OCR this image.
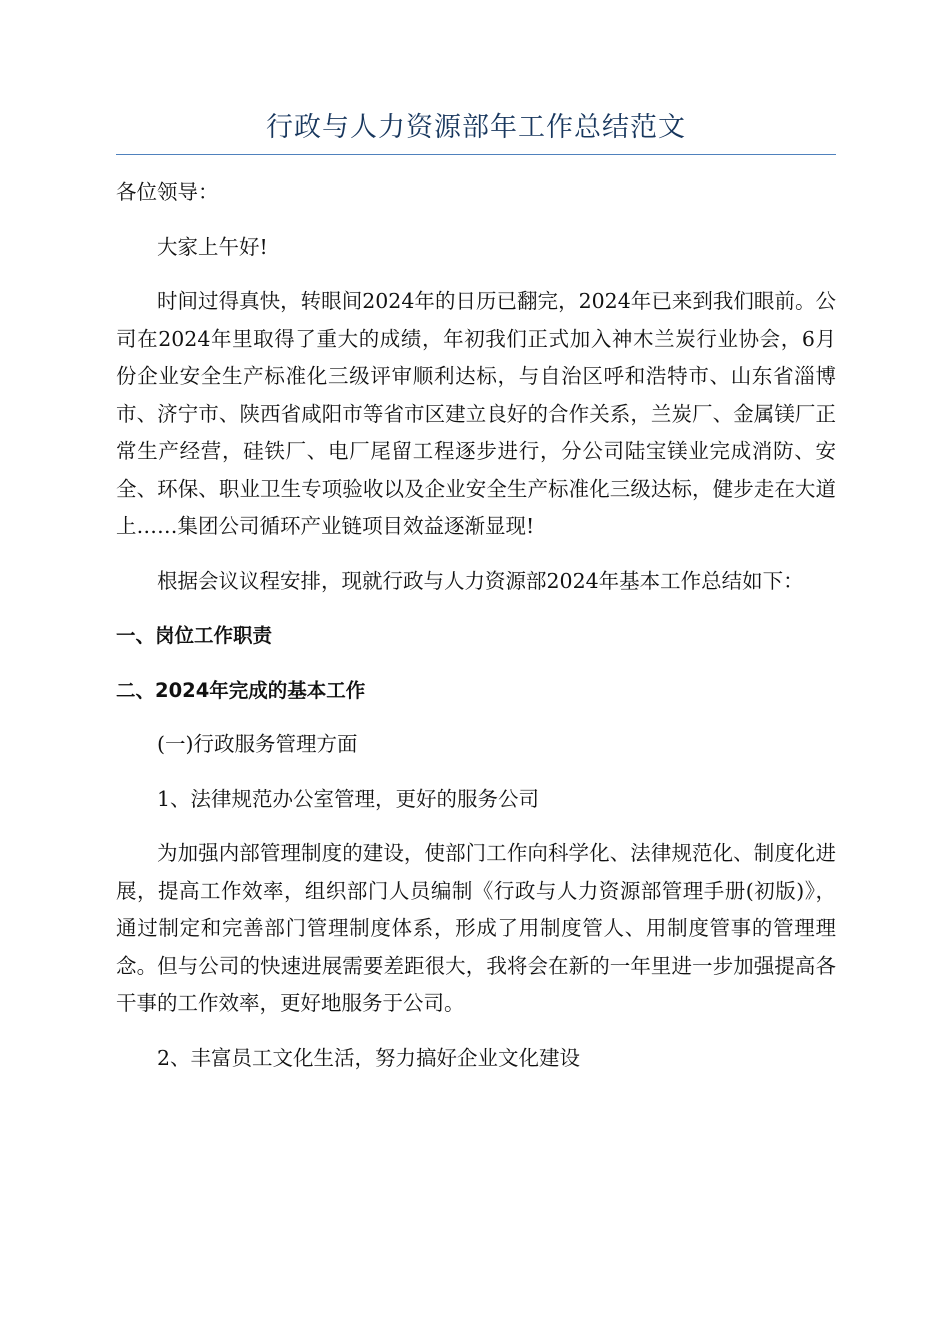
行政与人力资源部年工作总结范文

各位领导：

大家上午好!

时间过得真快，转眼间2024年的日历已翻完，2024年已来到我们眼前。公司在2024年里取得了重大的成绩，年初我们正式加入神木兰炭行业协会，6月份企业安全生产标准化三级评审顺利达标，与自治区呼和浩特市、山东省淄博市、济宁市、陕西省咸阳市等省市区建立良好的合作关系，兰炭厂、金属镁厂正常生产经营，硅铁厂、电厂尾留工程逐步进行，分公司陆宝镁业完成消防、安全、环保、职业卫生专项验收以及企业安全生产标准化三级达标，健步走在大道上……集团公司循环产业链项目效益逐渐显现!

根据会议议程安排，现就行政与人力资源部2024年基本工作总结如下：

一、岗位工作职责
二、2024年完成的基本工作

(一)行政服务管理方面

1、法律规范办公室管理，更好的服务公司

为加强内部管理制度的建设，使部门工作向科学化、法律规范化、制度化进展，提高工作效率，组织部门人员编制《行政与人力资源部管理手册(初版)》，通过制定和完善部门管理制度体系，形成了用制度管人、用制度管事的管理理念。但与公司的快速进展需要差距很大，我将会在新的一年里进一步加强提高各干事的工作效率，更好地服务于公司。

2、丰富员工文化生活，努力搞好企业文化建设
